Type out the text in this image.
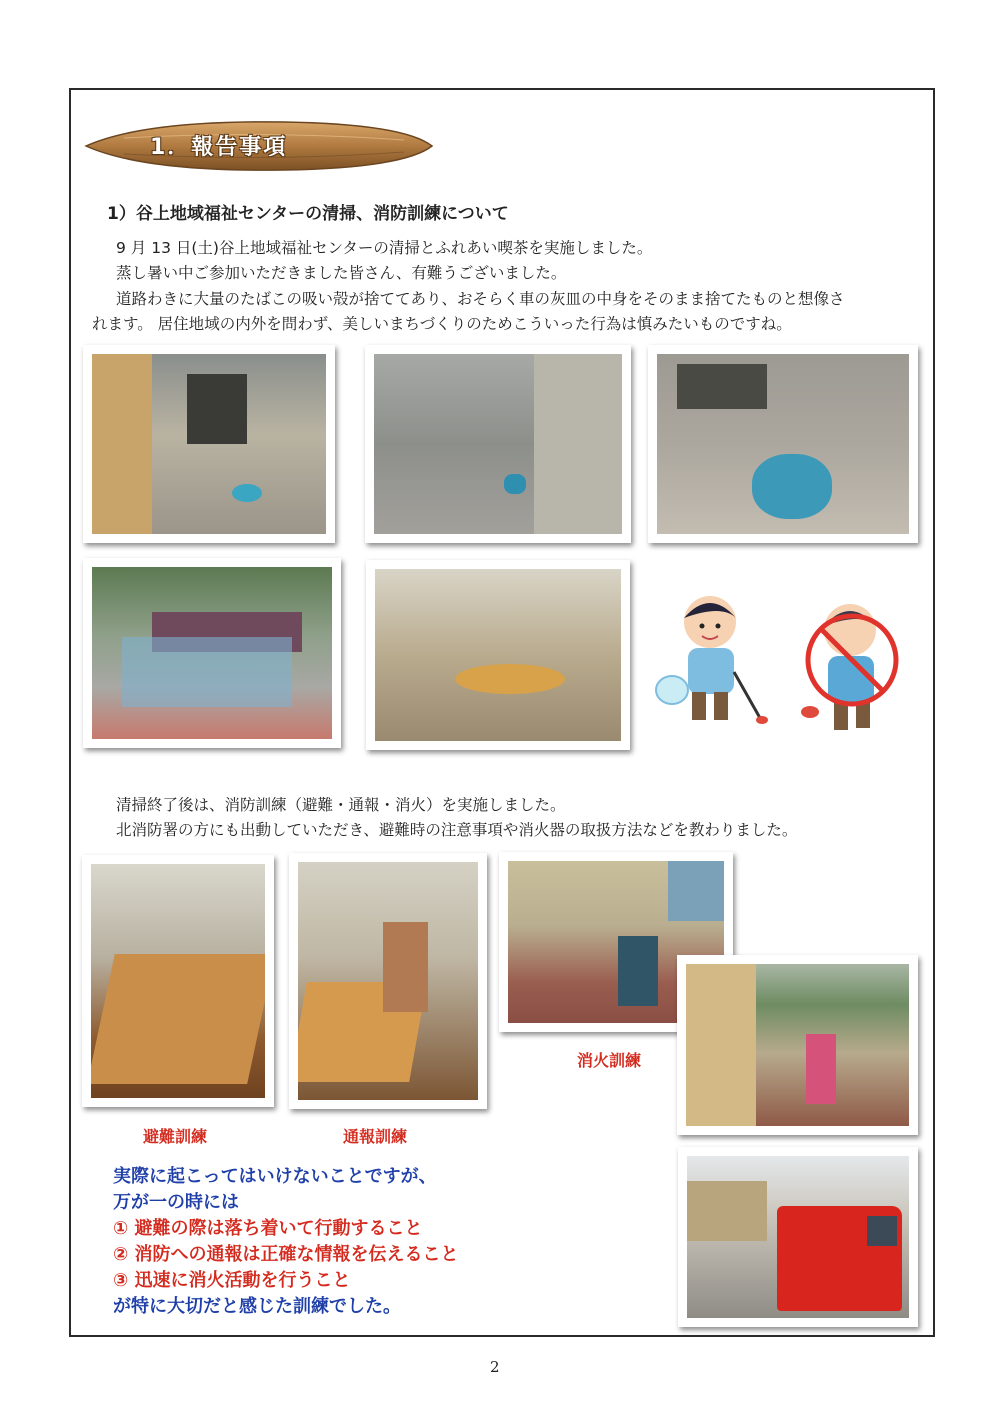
1．報告事項
1）谷上地域福祉センターの清掃、消防訓練について
9 月 13 日(土)谷上地域福祉センターの清掃とふれあい喫茶を実施しました。
蒸し暑い中ご参加いただきました皆さん、有難うございました。
道路わきに大量のたばこの吸い殻が捨ててあり、おそらく車の灰皿の中身をそのまま捨てたものと想像さ
れます。 居住地域の内外を問わず、美しいまちづくりのためこういった行為は慎みたいものですね。
清掃終了後は、消防訓練（避難・通報・消火）を実施しました。
北消防署の方にも出動していただき、避難時の注意事項や消火器の取扱方法などを教わりました。
消火訓練
避難訓練	通報訓練
実際に起こってはいけないことですが、
万が一の時には
① 避難の際は落ち着いて行動すること
② 消防への通報は正確な情報を伝えること
③ 迅速に消火活動を行うこと
が特に大切だと感じた訓練でした。
2
